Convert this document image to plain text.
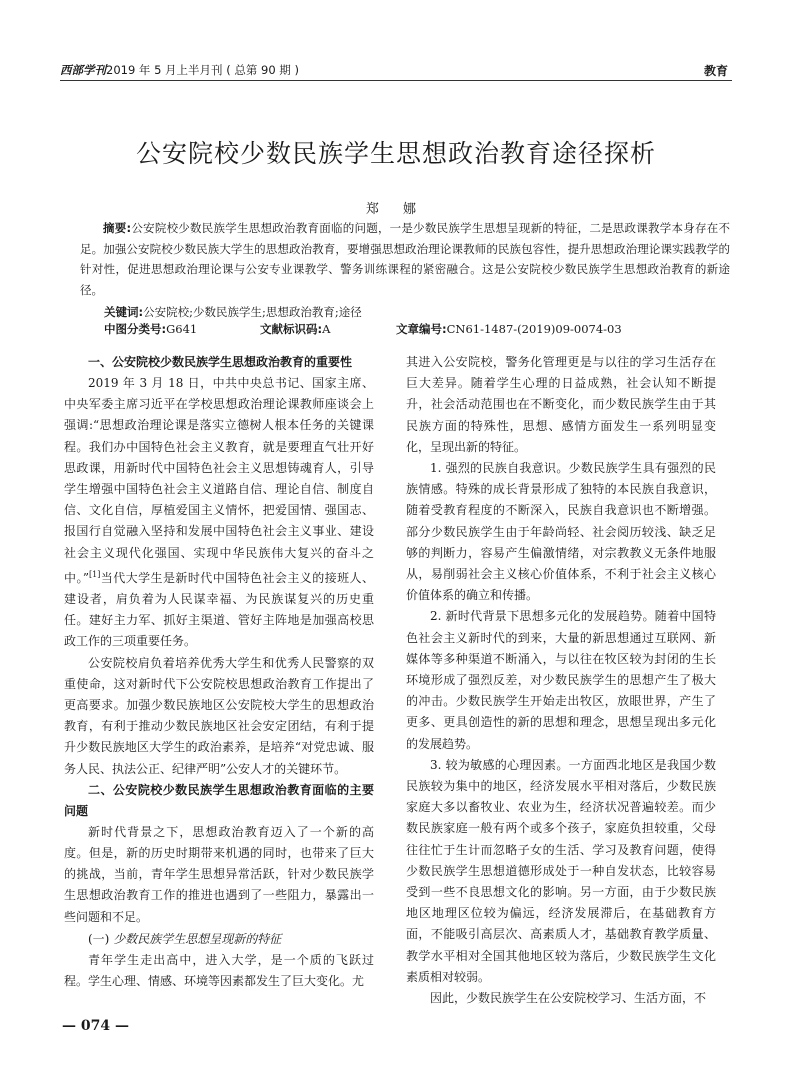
西部学刊2019 年 5 月上半月刊 ( 总第 90 期 )	教育
公安院校少数民族学生思想政治教育途径探析
郑 娜
摘要:公安院校少数民族学生思想政治教育面临的问题，一是少数民族学生思想呈现新的特征，二是思政课教学本身存在不足。加强公安院校少数民族大学生的思想政治教育，要增强思想政治理论课教师的民族包容性，提升思想政治理论课实践教学的针对性，促进思想政治理论课与公安专业课教学、警务训练课程的紧密融合。这是公安院校少数民族学生思想政治教育的新途径。
关键词:公安院校;少数民族学生;思想政治教育;途径
中图分类号:G641	文献标识码:A	文章编号:CN61-1487-(2019)09-0074-03
一、公安院校少数民族学生思想政治教育的重要性

2019 年 3 月 18 日，中共中央总书记、国家主席、中央军委主席习近平在学校思想政治理论课教师座谈会上强调:“思想政治理论课是落实立德树人根本任务的关键课程。我们办中国特色社会主义教育，就是要理直气壮开好思政课，用新时代中国特色社会主义思想铸魂育人，引导学生增强中国特色社会主义道路自信、理论自信、制度自信、文化自信，厚植爱国主义情怀，把爱国情、强国志、报国行自觉融入坚持和发展中国特色社会主义事业、建设社会主义现代化强国、实现中华民族伟大复兴的奋斗之中。”[1]当代大学生是新时代中国特色社会主义的接班人、建设者，肩负着为人民谋幸福、为民族谋复兴的历史重任。建好主力军、抓好主渠道、管好主阵地是加强高校思政工作的三项重要任务。

公安院校肩负着培养优秀大学生和优秀人民警察的双重使命，这对新时代下公安院校思想政治教育工作提出了更高要求。加强少数民族地区公安院校大学生的思想政治教育，有利于推动少数民族地区社会安定团结，有利于提升少数民族地区大学生的政治素养，是培养“对党忠诚、服务人民、执法公正、纪律严明”公安人才的关键环节。

二、公安院校少数民族学生思想政治教育面临的主要问题

新时代背景之下，思想政治教育迈入了一个新的高度。但是，新的历史时期带来机遇的同时，也带来了巨大的挑战，当前，青年学生思想异常活跃，针对少数民族学生思想政治教育工作的推进也遇到了一些阻力，暴露出一些问题和不足。

(一) 少数民族学生思想呈现新的特征

青年学生走出高中，进入大学，是一个质的飞跃过程。学生心理、情感、环境等因素都发生了巨大变化。尤

其进入公安院校，警务化管理更是与以往的学习生活存在巨大差异。随着学生心理的日益成熟，社会认知不断提升，社会活动范围也在不断变化，而少数民族学生由于其民族方面的特殊性，思想、感情方面发生一系列明显变化，呈现出新的特征。

1. 强烈的民族自我意识。少数民族学生具有强烈的民族情感。特殊的成长背景形成了独特的本民族自我意识，随着受教育程度的不断深入，民族自我意识也不断增强。部分少数民族学生由于年龄尚轻、社会阅历较浅、缺乏足够的判断力，容易产生偏激情绪，对宗教教义无条件地服从，易削弱社会主义核心价值体系，不利于社会主义核心价值体系的确立和传播。

2. 新时代背景下思想多元化的发展趋势。随着中国特色社会主义新时代的到来，大量的新思想通过互联网、新媒体等多种渠道不断涌入，与以往在牧区较为封闭的生长环境形成了强烈反差，对少数民族学生的思想产生了极大的冲击。少数民族学生开始走出牧区，放眼世界，产生了更多、更具创造性的新的思想和理念，思想呈现出多元化的发展趋势。

3. 较为敏感的心理因素。一方面西北地区是我国少数民族较为集中的地区，经济发展水平相对落后，少数民族家庭大多以畜牧业、农业为生，经济状况普遍较差。而少数民族家庭一般有两个或多个孩子，家庭负担较重，父母往往忙于生计而忽略子女的生活、学习及教育问题，使得少数民族学生思想道德形成处于一种自发状态，比较容易受到一些不良思想文化的影响。另一方面，由于少数民族地区地理区位较为偏远，经济发展滞后，在基础教育方面，不能吸引高层次、高素质人才，基础教育教学质量、教学水平相对全国其他地区较为落后，少数民族学生文化素质相对较弱。

因此，少数民族学生在公安院校学习、生活方面，不

— 074 —
